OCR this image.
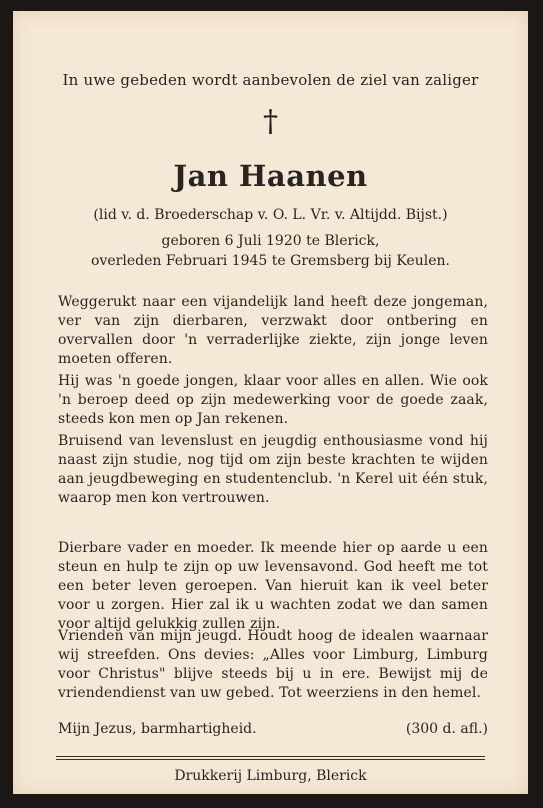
In uwe gebeden wordt aanbevolen de ziel van zaliger
†
Jan Haanen
(lid v. d. Broederschap v. O. L. Vr. v. Altijdd. Bijst.)
geboren 6 Juli 1920 te Blerick,
overleden Februari 1945 te Gremsberg bij Keulen.
Weggerukt naar een vijandelijk land heeft deze jongeman, ver van zijn dierbaren, verzwakt door ontbering en overvallen door 'n verraderlijke ziekte, zijn jonge leven moeten offeren.
Hij was 'n goede jongen, klaar voor alles en allen. Wie ook 'n beroep deed op zijn medewerking voor de goede zaak, steeds kon men op Jan rekenen.
Bruisend van levenslust en jeugdig enthousiasme vond hij naast zijn studie, nog tijd om zijn beste krachten te wijden aan jeugdbeweging en studentenclub. 'n Kerel uit één stuk, waarop men kon vertrouwen.
Dierbare vader en moeder. Ik meende hier op aarde u een steun en hulp te zijn op uw levensavond. God heeft me tot een beter leven geroepen. Van hieruit kan ik veel beter voor u zorgen. Hier zal ik u wachten zodat we dan samen voor altijd gelukkig zullen zijn.
Vrienden van mijn jeugd. Houdt hoog de idealen waarnaar wij streefden. Ons devies: „Alles voor Limburg, Limburg voor Christus" blijve steeds bij u in ere. Bewijst mij de vriendendienst van uw gebed. Tot weerziens in den hemel.
Mijn Jezus, barmhartigheid.	(300 d. afl.)
Drukkerij Limburg, Blerick
